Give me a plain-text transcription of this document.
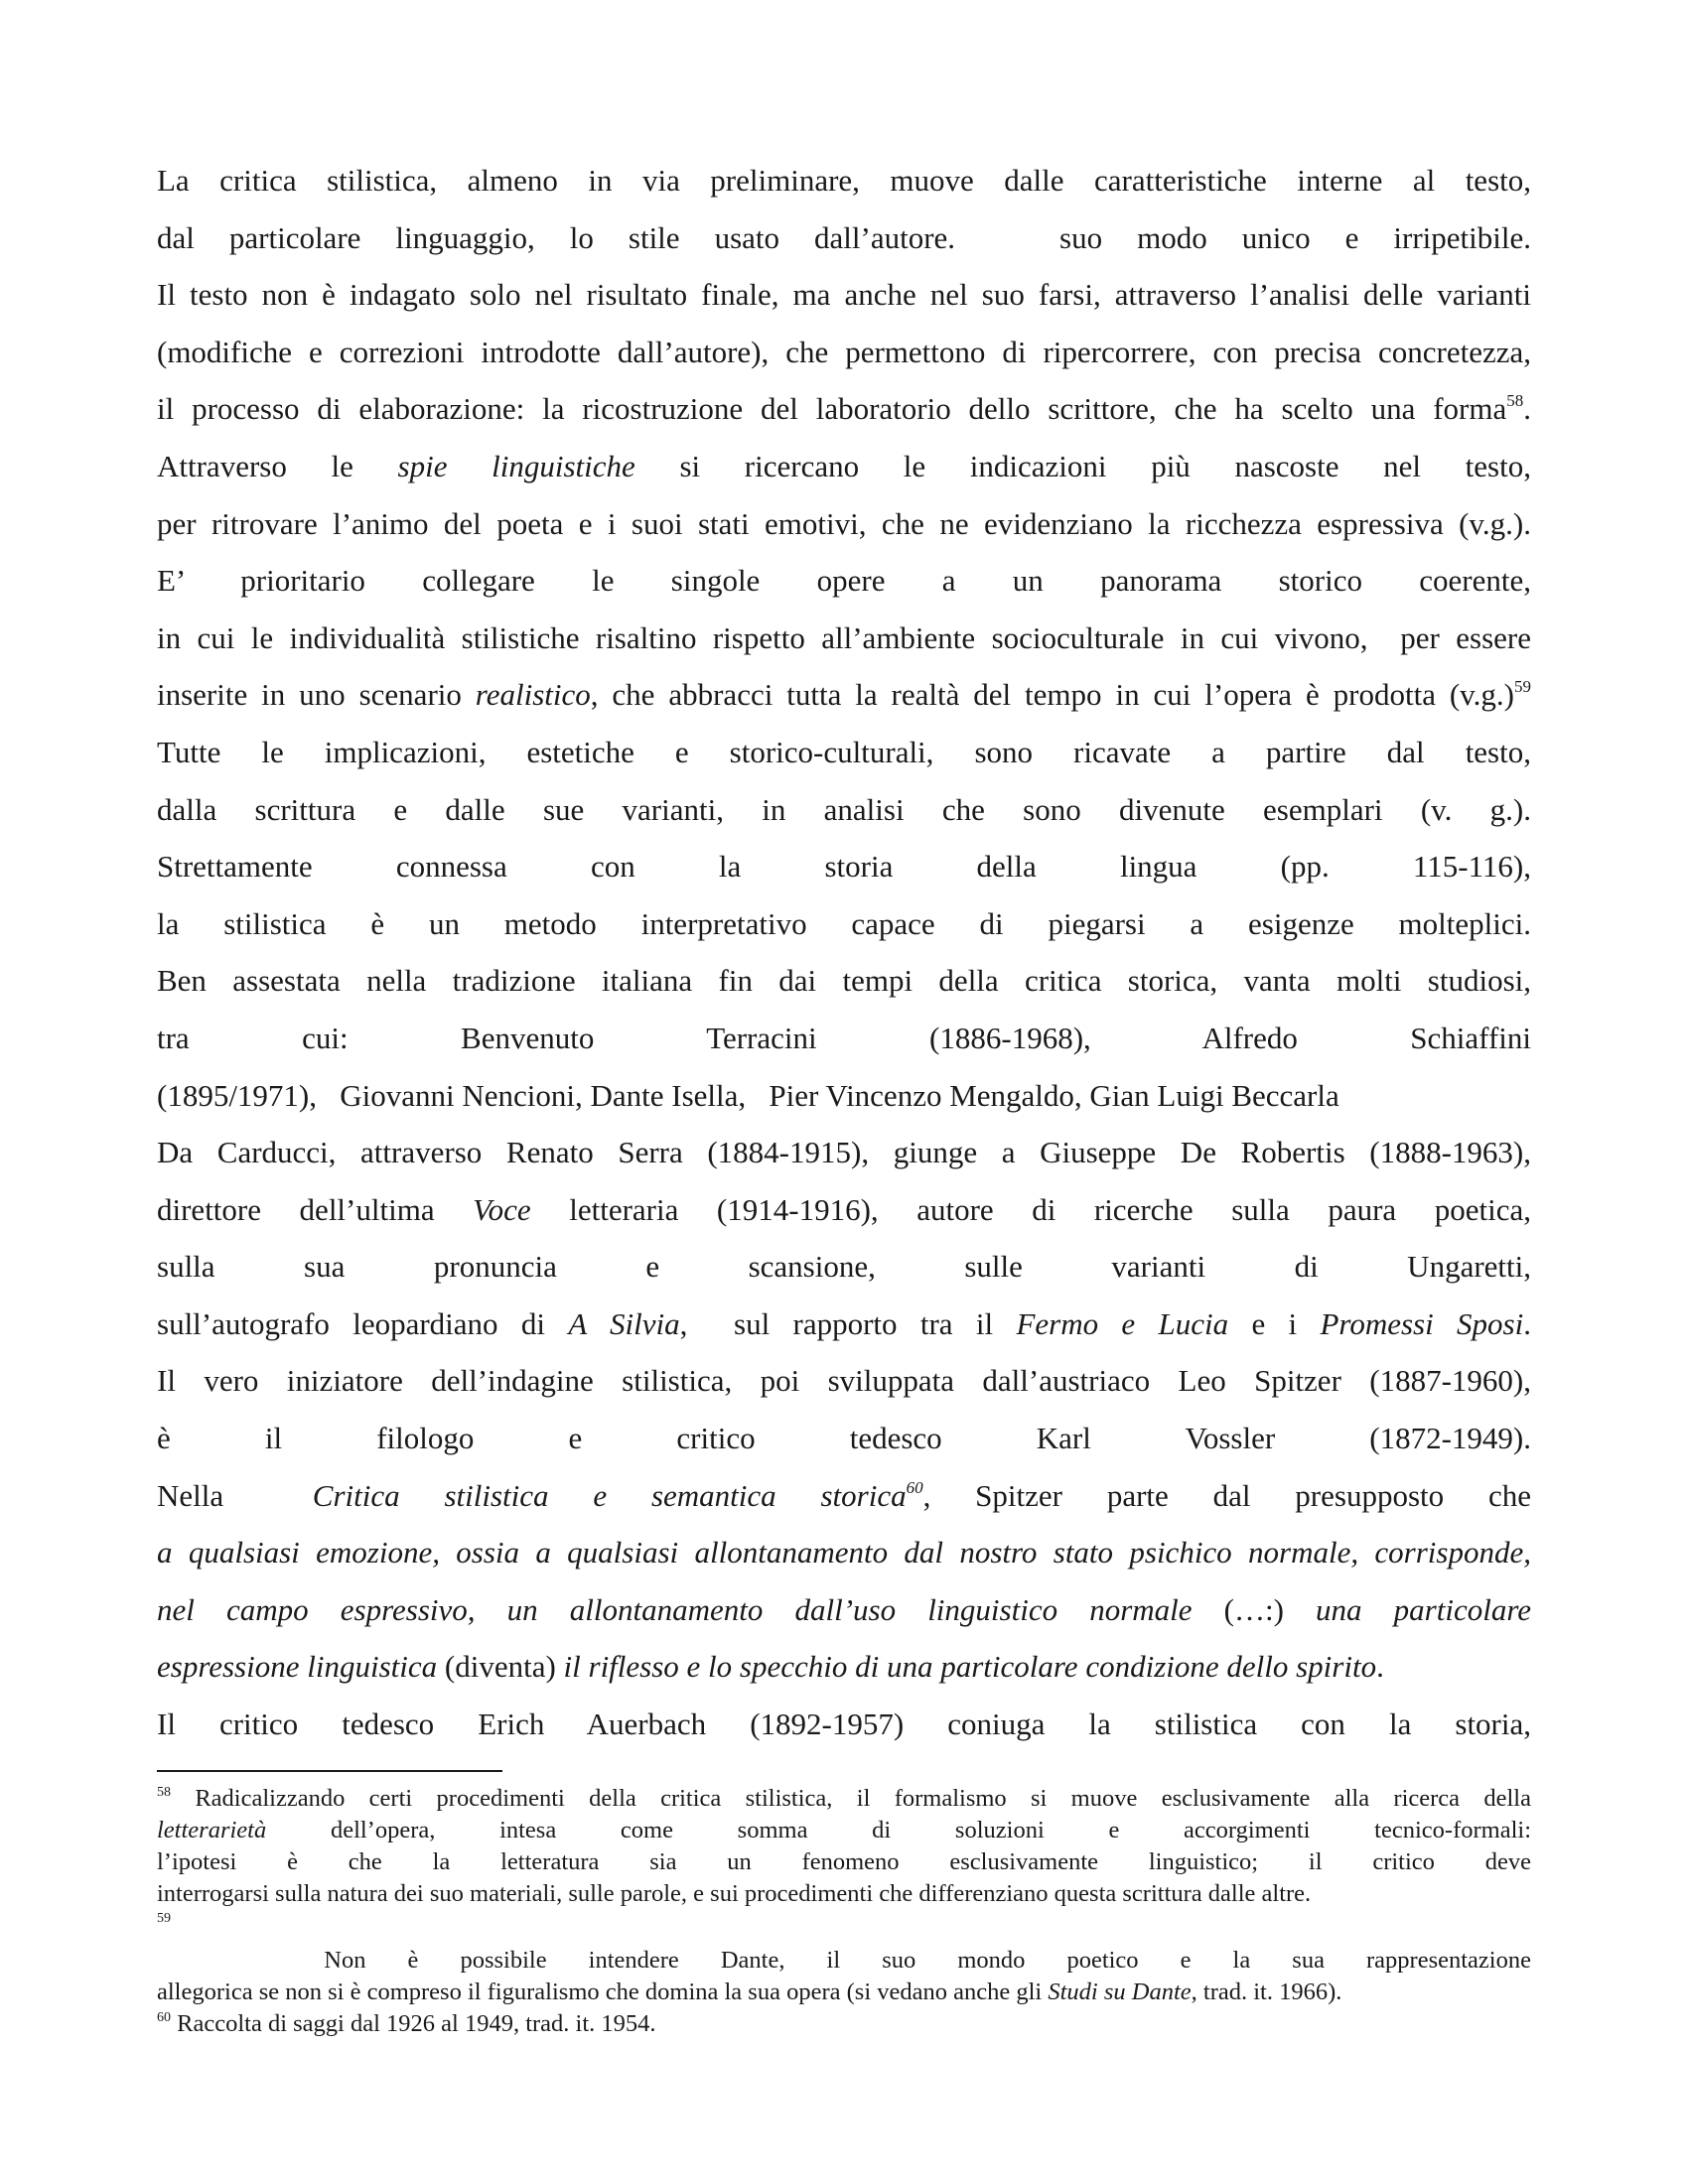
La critica stilistica, almeno in via preliminare, muove dalle caratteristiche interne al testo,
dal particolare linguaggio, lo stile usato dall’autore.   suo modo unico e irripetibile.
Il testo non è indagato solo nel risultato finale, ma anche nel suo farsi, attraverso l’analisi delle varianti
(modifiche e correzioni introdotte dall’autore), che permettono di ripercorrere, con precisa concretezza,
il processo di elaborazione: la ricostruzione del laboratorio dello scrittore, che ha scelto una forma$^{58}$.
Attraverso le spie linguistiche si ricercano le indicazioni più nascoste nel testo,
per ritrovare l’animo del poeta e i suoi stati emotivi, che ne evidenziano la ricchezza espressiva (v.g.).
E’ prioritario collegare le singole opere a un panorama storico coerente,
in cui le individualità stilistiche risaltino rispetto all’ambiente socioculturale in cui vivono,  per essere
inserite in uno scenario realistico, che abbracci tutta la realtà del tempo in cui l’opera è prodotta (v.g.)$^{59}$
Tutte le implicazioni, estetiche e storico-culturali, sono ricavate a partire dal testo,
dalla scrittura e dalle sue varianti, in analisi che sono divenute esemplari (v. g.).
Strettamente connessa con la storia della lingua (pp. 115-116),
la stilistica è un metodo interpretativo capace di piegarsi a esigenze molteplici.
Ben assestata nella tradizione italiana fin dai tempi della critica storica, vanta molti studiosi,
tra cui: Benvenuto Terracini (1886-1968), Alfredo Schiaffini
(1895/1971),   Giovanni Nencioni, Dante Isella,   Pier Vincenzo Mengaldo, Gian Luigi Beccarla
Da Carducci, attraverso Renato Serra (1884-1915), giunge a Giuseppe De Robertis (1888-1963),
direttore dell’ultima Voce letteraria (1914-1916), autore di ricerche sulla paura poetica,
sulla sua pronuncia e scansione, sulle varianti di Ungaretti,
sull’autografo leopardiano di A Silvia,  sul rapporto tra il Fermo e Lucia e i Promessi Sposi.
Il vero iniziatore dell’indagine stilistica, poi sviluppata dall’austriaco Leo Spitzer (1887-1960),
è il filologo e critico tedesco Karl Vossler (1872-1949).
Nella  Critica stilistica e semantica storica$^{60}$, Spitzer parte dal presupposto che
a qualsiasi emozione, ossia a qualsiasi allontanamento dal nostro stato psichico normale, corrisponde,
nel campo espressivo, un allontanamento dall’uso linguistico normale (…:) una particolare
espressione linguistica (diventa) il riflesso e lo specchio di una particolare condizione dello spirito.
Il critico tedesco Erich Auerbach (1892-1957) coniuga la stilistica con la storia,
$^{58}$ Radicalizzando certi procedimenti della critica stilistica, il formalismo si muove esclusivamente alla ricerca della
letterarietà dell’opera, intesa come somma di soluzioni e accorgimenti tecnico-formali:
l’ipotesi è che la letteratura sia un fenomeno esclusivamente linguistico; il critico deve
interrogarsi sulla natura dei suo materiali, sulle parole, e sui procedimenti che differenziano questa scrittura dalle altre.
59
Non è possibile intendere Dante, il suo mondo poetico e la sua rappresentazione
allegorica se non si è compreso il figuralismo che domina la sua opera (si vedano anche gli Studi su Dante, trad. it. 1966).
$^{60}$ Raccolta di saggi dal 1926 al 1949, trad. it. 1954.
